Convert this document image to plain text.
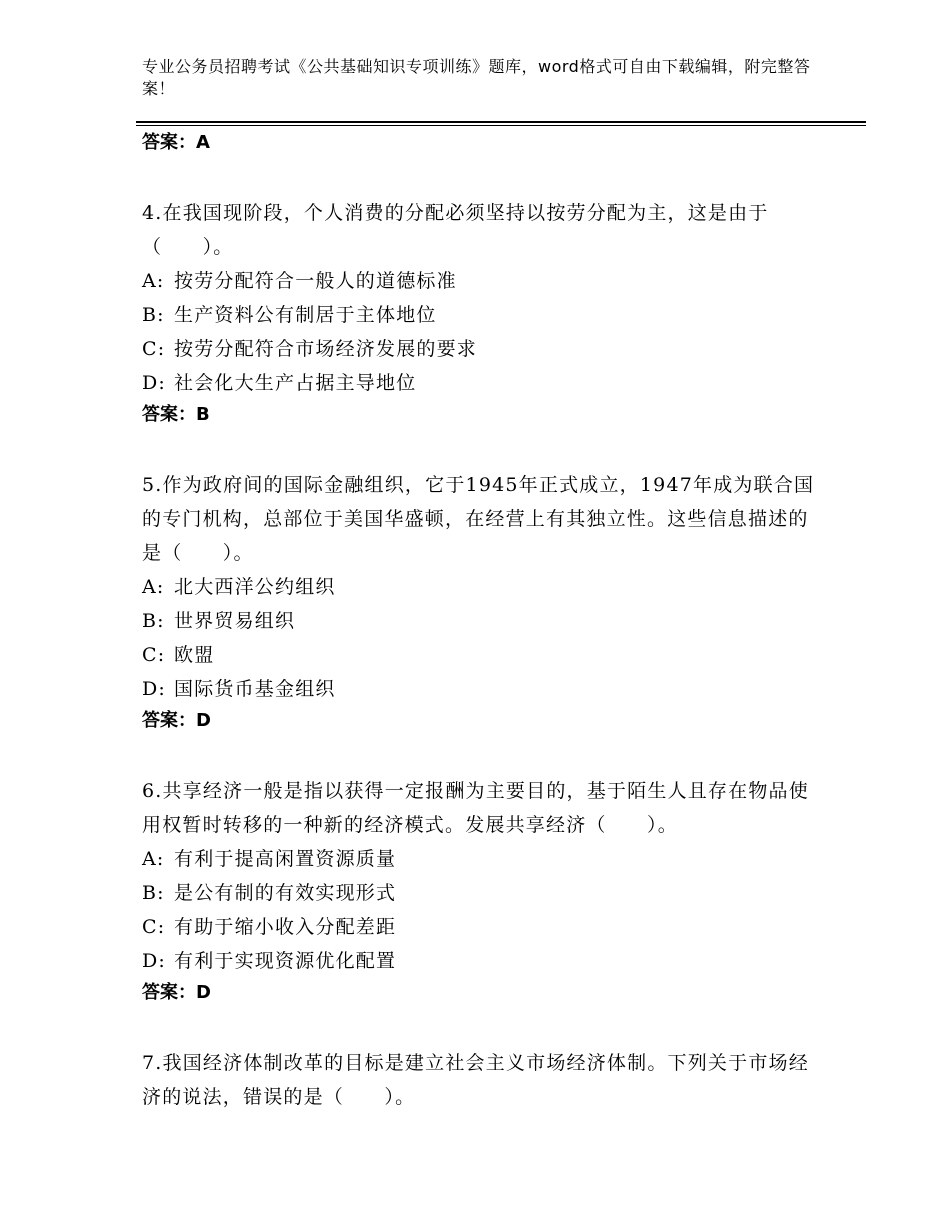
专业公务员招聘考试《公共基础知识专项训练》题库，word格式可自由下载编辑，附完整答案！
答案：A
4.在我国现阶段，个人消费的分配必须坚持以按劳分配为主，这是由于（　　）。
A: 按劳分配符合一般人的道德标准
B: 生产资料公有制居于主体地位
C: 按劳分配符合市场经济发展的要求
D: 社会化大生产占据主导地位
答案：B
5.作为政府间的国际金融组织，它于1945年正式成立，1947年成为联合国的专门机构，总部位于美国华盛顿，在经营上有其独立性。这些信息描述的是（　　）。
A: 北大西洋公约组织
B: 世界贸易组织
C: 欧盟
D: 国际货币基金组织
答案：D
6.共享经济一般是指以获得一定报酬为主要目的，基于陌生人且存在物品使用权暂时转移的一种新的经济模式。发展共享经济（　　）。
A: 有利于提高闲置资源质量
B: 是公有制的有效实现形式
C: 有助于缩小收入分配差距
D: 有利于实现资源优化配置
答案：D
7.我国经济体制改革的目标是建立社会主义市场经济体制。下列关于市场经济的说法，错误的是（　　）。
